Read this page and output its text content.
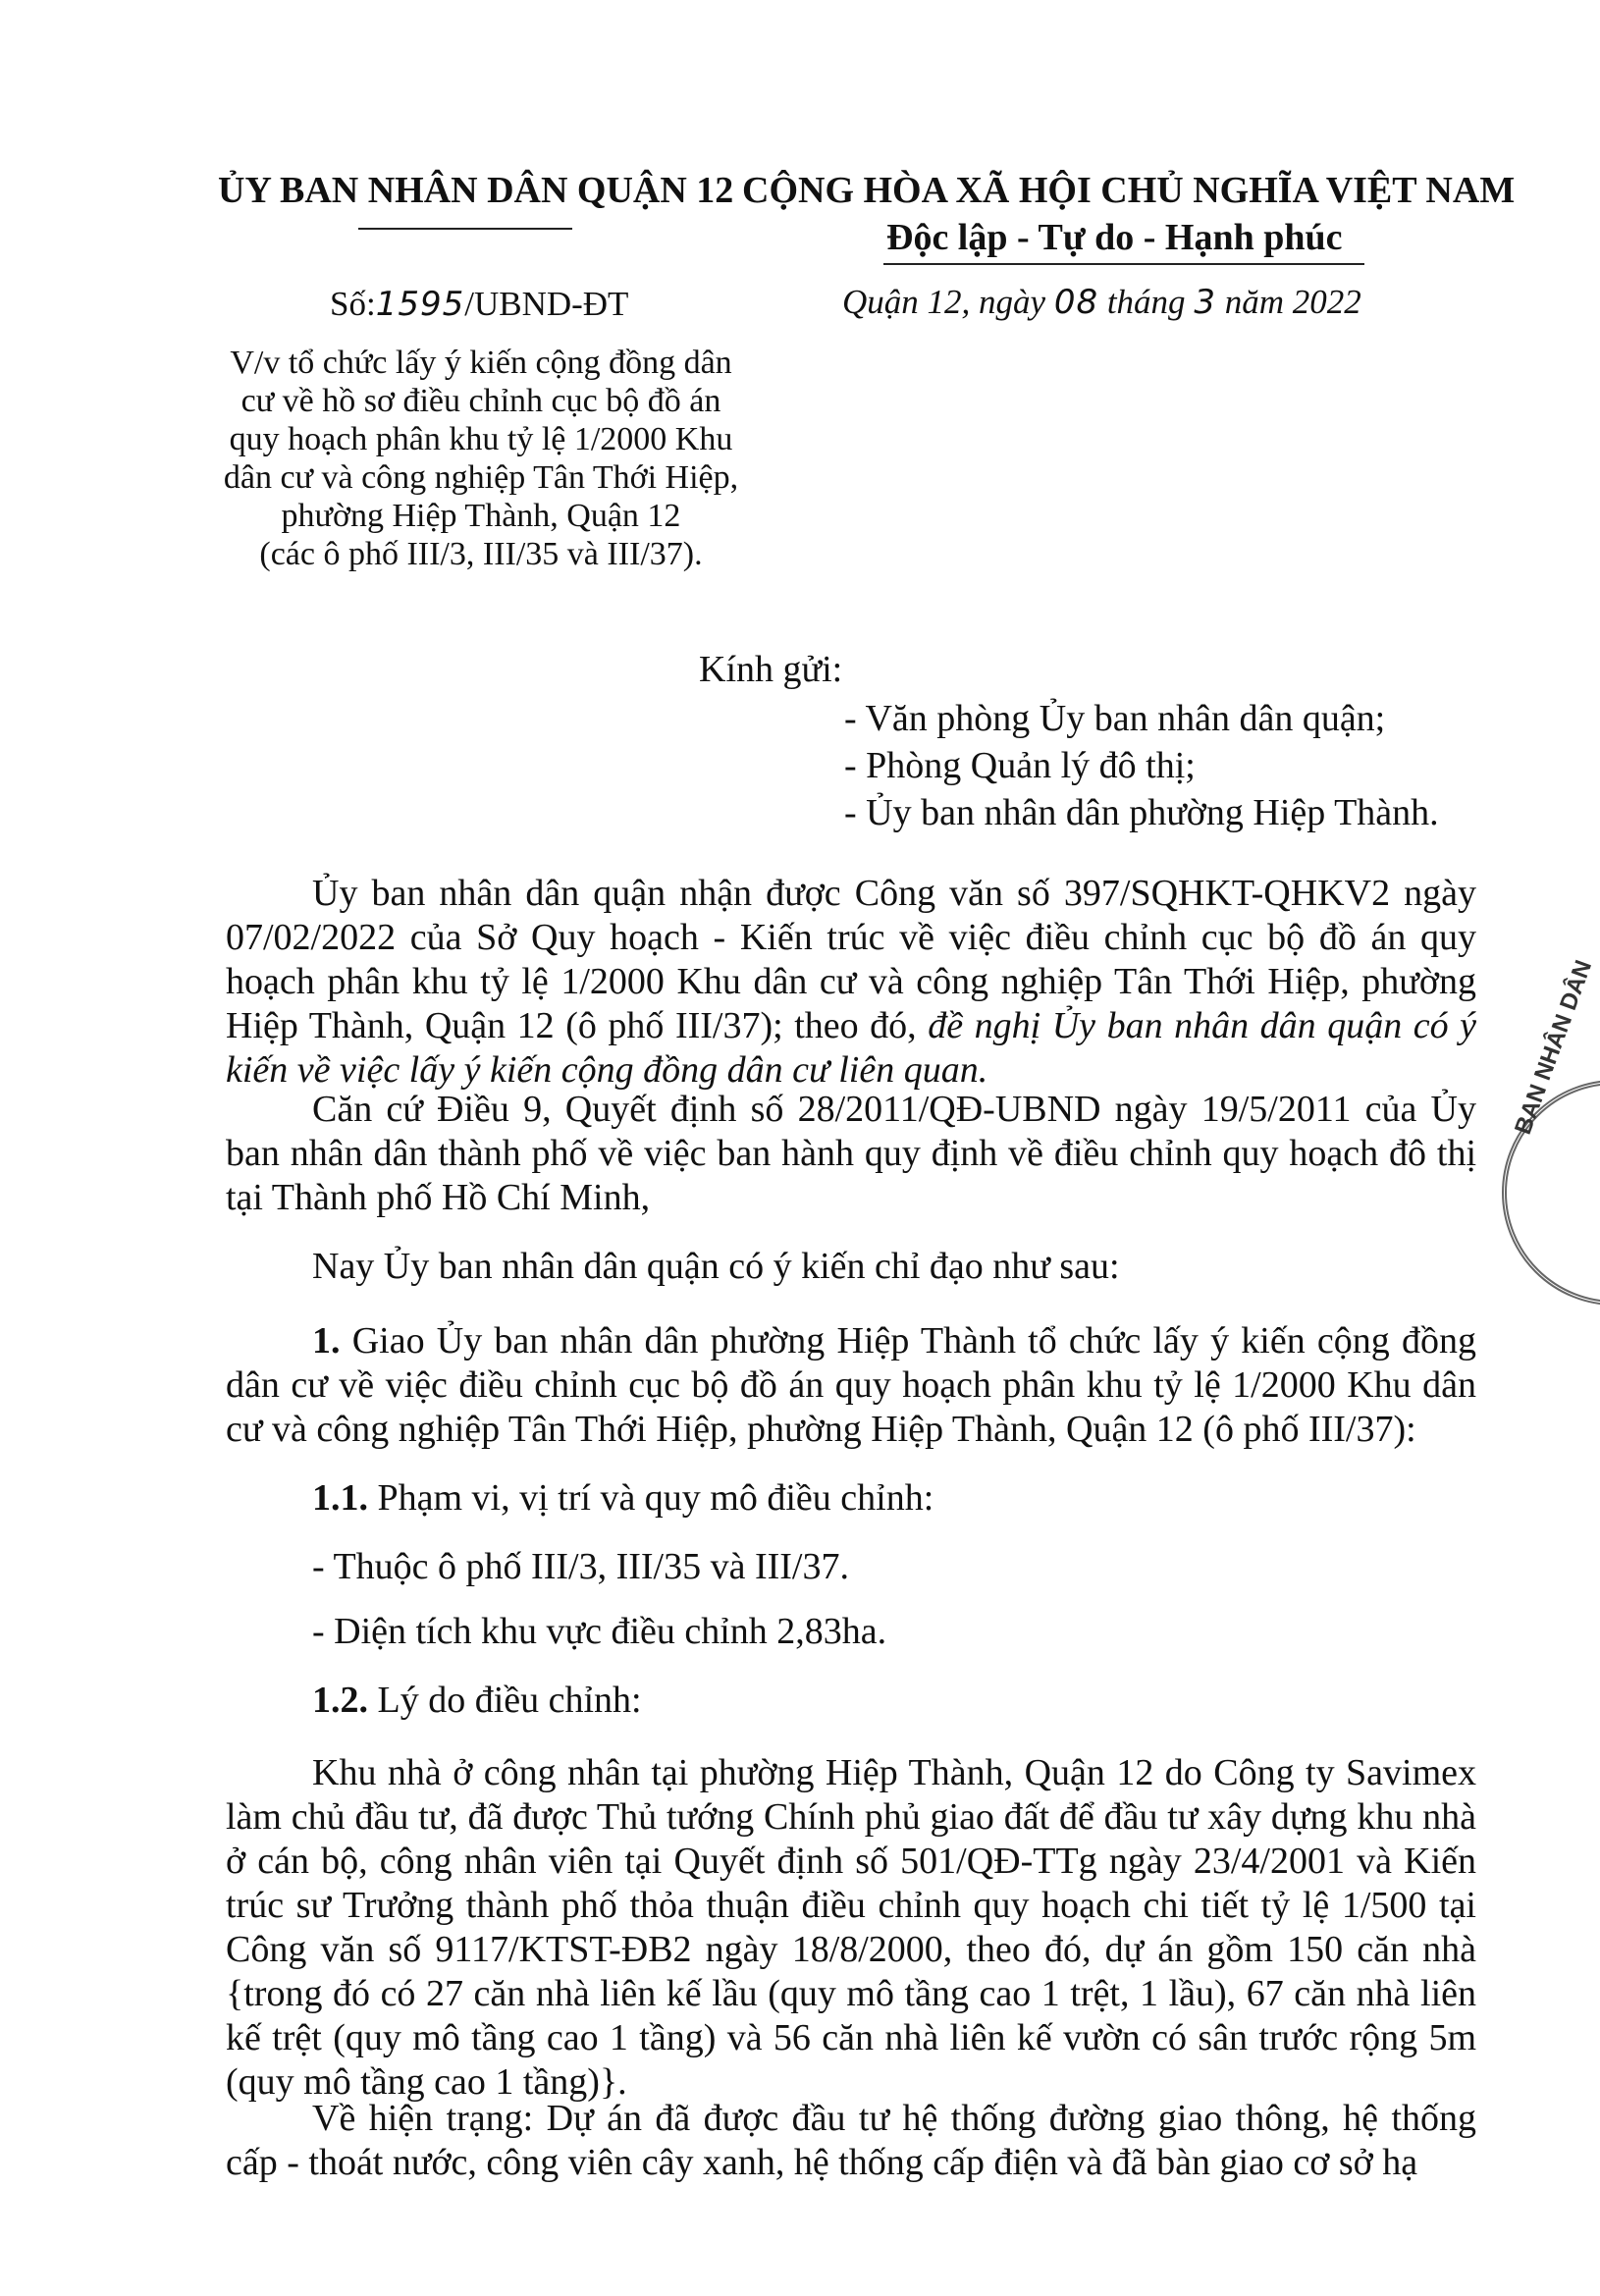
ỦY BAN NHÂN DÂN QUẬN 12 CỘNG HÒA XÃ HỘI CHỦ NGHĨA VIỆT NAM
Độc lập - Tự do - Hạnh phúc
Số:1595/UBND-ĐT	Quận 12, ngày 08 tháng 3 năm 2022
V/v tổ chức lấy ý kiến cộng đồng dân
cư về hồ sơ điều chỉnh cục bộ đồ án
quy hoạch phân khu tỷ lệ 1/2000 Khu
dân cư và công nghiệp Tân Thới Hiệp,
phường Hiệp Thành, Quận 12
(các ô phố III/3, III/35 và III/37).
Kính gửi:
- Văn phòng Ủy ban nhân dân quận;
- Phòng Quản lý đô thị;
- Ủy ban nhân dân phường Hiệp Thành.
Ủy ban nhân dân quận nhận được Công văn số 397/SQHKT-QHKV2 ngày 07/02/2022 của Sở Quy hoạch - Kiến trúc về việc điều chỉnh cục bộ đồ án quy hoạch phân khu tỷ lệ 1/2000 Khu dân cư và công nghiệp Tân Thới Hiệp, phường Hiệp Thành, Quận 12 (ô phố III/37); theo đó, đề nghị Ủy ban nhân dân quận có ý kiến về việc lấy ý kiến cộng đồng dân cư liên quan.
Căn cứ Điều 9, Quyết định số 28/2011/QĐ-UBND ngày 19/5/2011 của Ủy ban nhân dân thành phố về việc ban hành quy định về điều chỉnh quy hoạch đô thị tại Thành phố Hồ Chí Minh,
Nay Ủy ban nhân dân quận có ý kiến chỉ đạo như sau:
1. Giao Ủy ban nhân dân phường Hiệp Thành tổ chức lấy ý kiến cộng đồng dân cư về việc điều chỉnh cục bộ đồ án quy hoạch phân khu tỷ lệ 1/2000 Khu dân cư và công nghiệp Tân Thới Hiệp, phường Hiệp Thành, Quận 12 (ô phố III/37):
1.1. Phạm vi, vị trí và quy mô điều chỉnh:
- Thuộc ô phố III/3, III/35 và III/37.
- Diện tích khu vực điều chỉnh 2,83ha.
1.2. Lý do điều chỉnh:
Khu nhà ở công nhân tại phường Hiệp Thành, Quận 12 do Công ty Savimex làm chủ đầu tư, đã được Thủ tướng Chính phủ giao đất để đầu tư xây dựng khu nhà ở cán bộ, công nhân viên tại Quyết định số 501/QĐ-TTg ngày 23/4/2001 và Kiến trúc sư Trưởng thành phố thỏa thuận điều chỉnh quy hoạch chi tiết tỷ lệ 1/500 tại Công văn số 9117/KTST-ĐB2 ngày 18/8/2000, theo đó, dự án gồm 150 căn nhà {trong đó có 27 căn nhà liên kế lầu (quy mô tầng cao 1 trệt, 1 lầu), 67 căn nhà liên kế trệt (quy mô tầng cao 1 tầng) và 56 căn nhà liên kế vườn có sân trước rộng 5m (quy mô tầng cao 1 tầng)}.
Về hiện trạng: Dự án đã được đầu tư hệ thống đường giao thông, hệ thống cấp - thoát nước, công viên cây xanh, hệ thống cấp điện và đã bàn giao cơ sở hạ
BAN NHÂN DÂN
